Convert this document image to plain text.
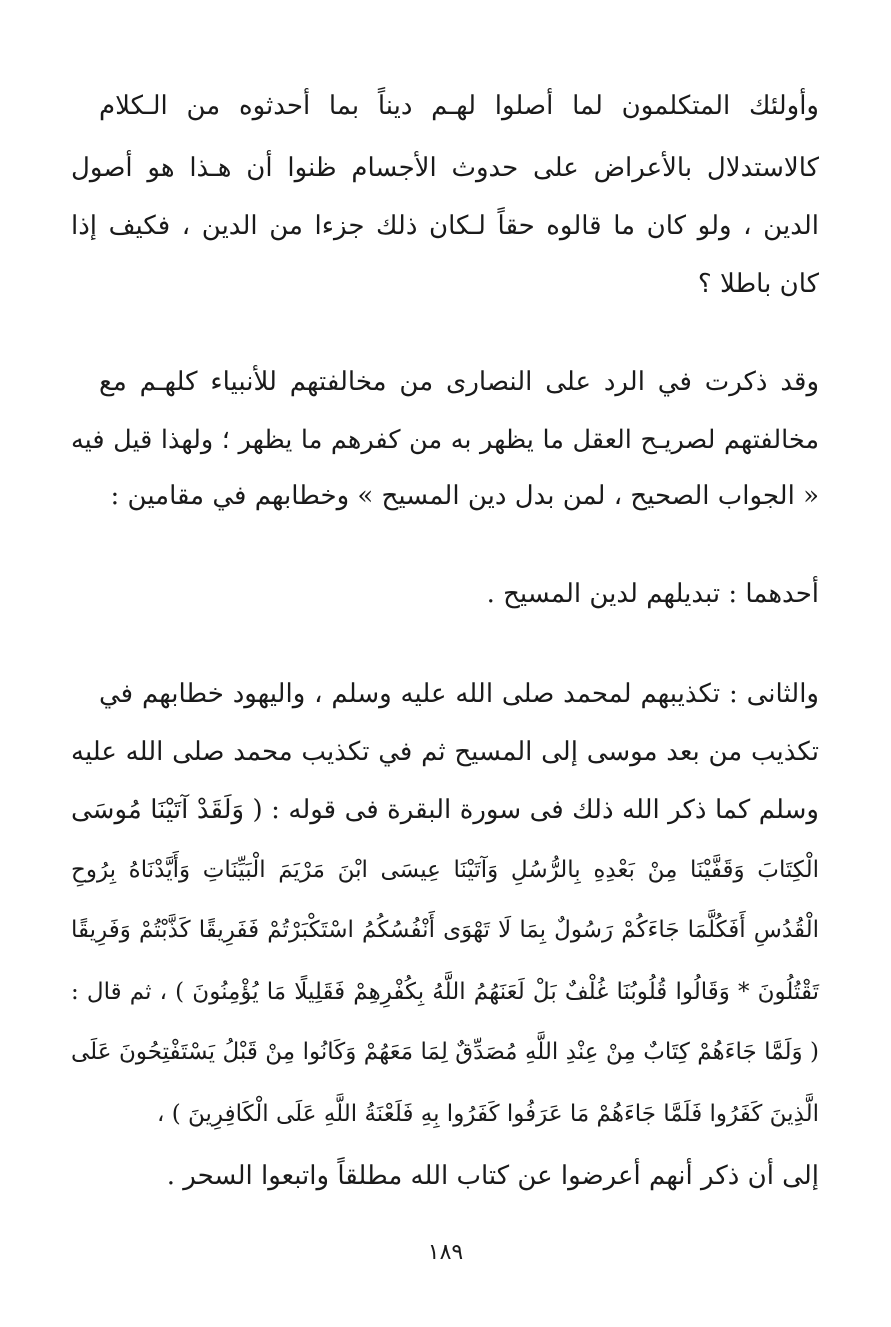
وأولئك المتكلمون لما أصلوا لهـم ديناً بما أحدثوه من الـكلام
كالاستدلال بالأعراض على حدوث الأجسام ظنوا أن هـذا هو أصول
الدين ، ولو كان ما قالوه حقاً لـكان ذلك جزءا من الدين ، فكيف إذا
كان باطلا ؟
وقد ذكرت في الرد على النصارى من مخالفتهم للأنبياء كلهـم مع
مخالفتهم لصريـح العقل ما يظهر به من كفرهم ما يظهر ؛ ولهذا قيل فيه
« الجواب الصحيح ، لمن بدل دين المسيح » وخطابهم في مقامين :
أحدهما : تبديلهم لدين المسيح .
والثانى : تكذيبهم لمحمد صلى الله عليه وسلم ، واليهود خطابهم في
تكذيب من بعد موسى إلى المسيح ثم في تكذيب محمد صلى الله عليه
وسلم كما ذكر الله ذلك فى سورة البقرة فى قوله : ( وَلَقَدْ آتَيْنَا مُوسَى
الْكِتَابَ وَقَفَّيْنَا مِنْ بَعْدِهِ بِالرُّسُلِ وَآتَيْنَا عِيسَى ابْنَ مَرْيَمَ الْبَيِّنَاتِ وَأَيَّدْنَاهُ بِرُوحِ
الْقُدُسِ أَفَكُلَّمَا جَاءَكُمْ رَسُولٌ بِمَا لَا تَهْوَى أَنْفُسُكُمُ اسْتَكْبَرْتُمْ فَفَرِيقًا كَذَّبْتُمْ وَفَرِيقًا
تَقْتُلُونَ * وَقَالُوا قُلُوبُنَا غُلْفٌ بَلْ لَعَنَهُمُ اللَّهُ بِكُفْرِهِمْ فَقَلِيلًا مَا يُؤْمِنُونَ ) ، ثم قال :
( وَلَمَّا جَاءَهُمْ كِتَابٌ مِنْ عِنْدِ اللَّهِ مُصَدِّقٌ لِمَا مَعَهُمْ وَكَانُوا مِنْ قَبْلُ يَسْتَفْتِحُونَ عَلَى
الَّذِينَ كَفَرُوا فَلَمَّا جَاءَهُمْ مَا عَرَفُوا كَفَرُوا بِهِ فَلَعْنَةُ اللَّهِ عَلَى الْكَافِرِينَ ) ،
إلى أن ذكر أنهم أعرضوا عن كتاب الله مطلقاً واتبعوا السحر .
١٨٩
